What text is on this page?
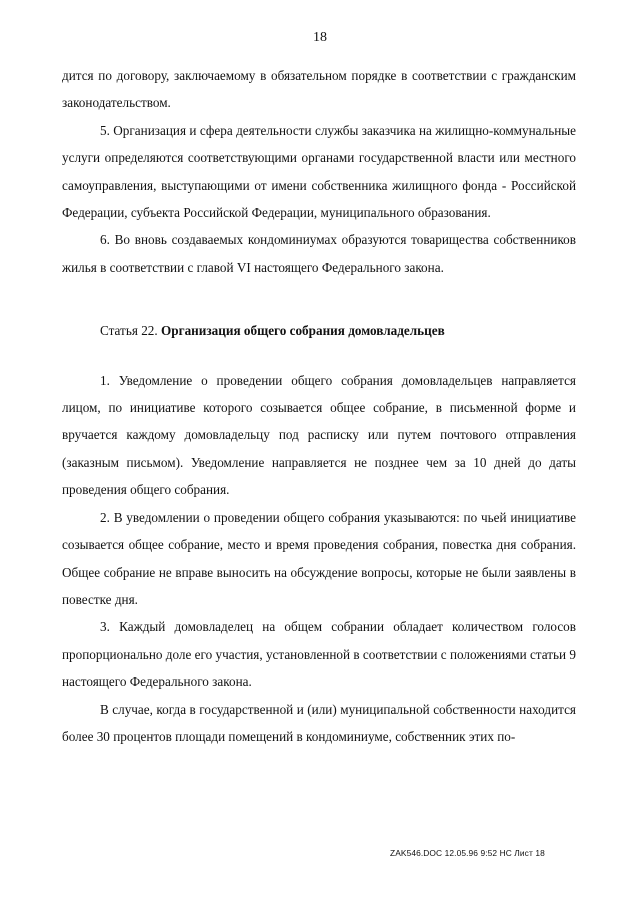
18

дится по договору, заключаемому в обязательном порядке в соответствии с гражданским законодательством.

5. Организация и сфера деятельности службы заказчика на жилищно-коммунальные услуги определяются соответствующими органами государственной власти или местного самоуправления, выступающими от имени собственника жилищного фонда - Российской Федерации, субъекта Российской Федерации, муниципального образования.

6. Во вновь создаваемых кондоминиумах образуются товарищества собственников жилья в соответствии с главой VI настоящего Федерального закона.

Статья 22. Организация общего собрания домовладельцев

1. Уведомление о проведении общего собрания домовладельцев направляется лицом, по инициативе которого созывается общее собрание, в письменной форме и вручается каждому домовладельцу под расписку или путем почтового отправления (заказным письмом). Уведомление направляется не позднее чем за 10 дней до даты проведения общего собрания.

2. В уведомлении о проведении общего собрания указываются: по чьей инициативе созывается общее собрание, место и время проведения собрания, повестка дня собрания. Общее собрание не вправе выносить на обсуждение вопросы, которые не были заявлены в повестке дня.

3. Каждый домовладелец на общем собрании обладает количеством голосов пропорционально доле его участия, установленной в соответствии с положениями статьи 9 настоящего Федерального закона.

В случае, когда в государственной и (или) муниципальной собственности находится более 30 процентов площади помещений в кондоминиуме, собственник этих по-

ZAK546.DOC 12.05.96 9:52 НС Лист 18
